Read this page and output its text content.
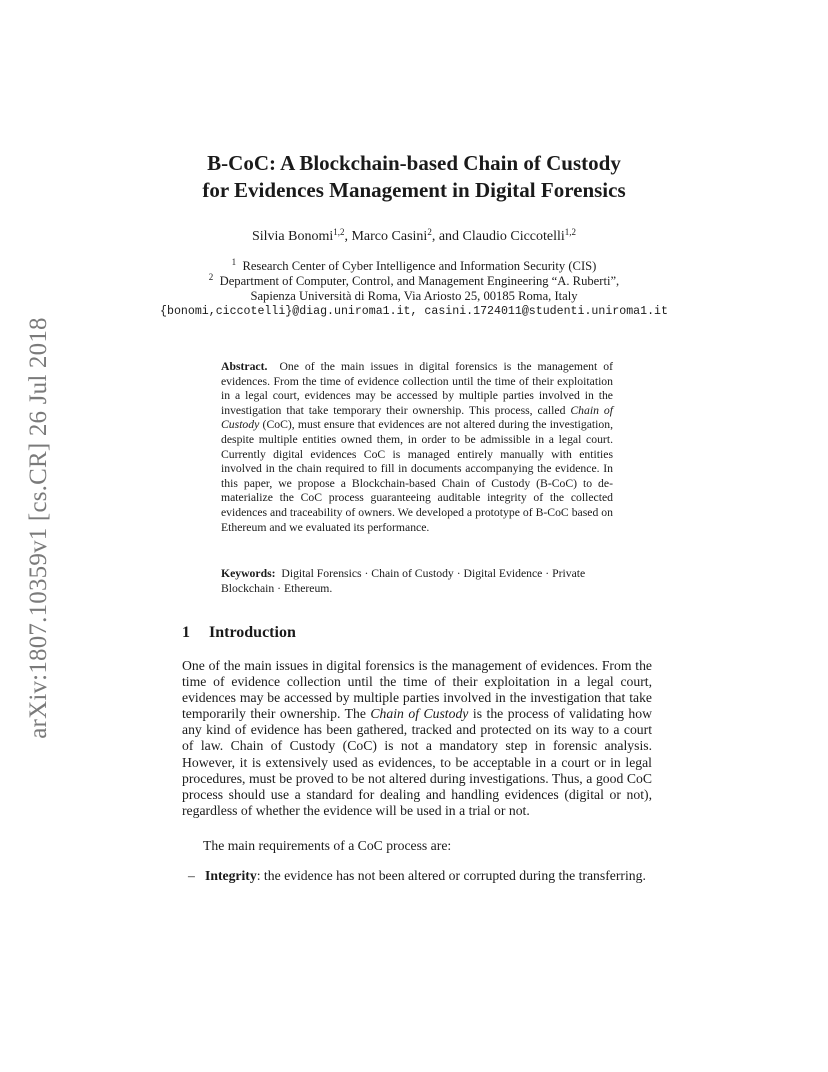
arXiv:1807.10359v1 [cs.CR] 26 Jul 2018
B-CoC: A Blockchain-based Chain of Custody
for Evidences Management in Digital Forensics
Silvia Bonomi$^{1,2}$, Marco Casini$^2$, and Claudio Ciccotelli$^{1,2}$
$^1$ Research Center of Cyber Intelligence and Information Security (CIS)
$^2$ Department of Computer, Control, and Management Engineering “A. Ruberti”,
Sapienza Università di Roma, Via Ariosto 25, 00185 Roma, Italy
{bonomi,ciccotelli}@diag.uniroma1.it, casini.1724011@studenti.uniroma1.it
Abstract. One of the main issues in digital forensics is the management of evidences. From the time of evidence collection until the time of their exploitation in a legal court, evidences may be accessed by multiple parties involved in the investigation that take temporary their ownership. This process, called Chain of Custody (CoC), must ensure that evidences are not altered during the investigation, despite multiple entities owned them, in order to be admissible in a legal court. Currently digital evidences CoC is managed entirely manually with entities involved in the chain required to fill in documents accompanying the evidence. In this paper, we propose a Blockchain-based Chain of Custody (B-CoC) to dematerialize the CoC process guaranteeing auditable integrity of the collected evidences and traceability of owners. We developed a prototype of B-CoC based on Ethereum and we evaluated its performance.
Keywords: Digital Forensics · Chain of Custody · Digital Evidence · Private Blockchain · Ethereum.
1 Introduction
One of the main issues in digital forensics is the management of evidences. From the time of evidence collection until the time of their exploitation in a legal court, evidences may be accessed by multiple parties involved in the investigation that take temporarily their ownership. The Chain of Custody is the process of validating how any kind of evidence has been gathered, tracked and protected on its way to a court of law. Chain of Custody (CoC) is not a mandatory step in forensic analysis. However, it is extensively used as evidences, to be acceptable in a court or in legal procedures, must be proved to be not altered during investigations. Thus, a good CoC process should use a standard for dealing and handling evidences (digital or not), regardless of whether the evidence will be used in a trial or not.
The main requirements of a CoC process are:
– Integrity: the evidence has not been altered or corrupted during the transferring.
